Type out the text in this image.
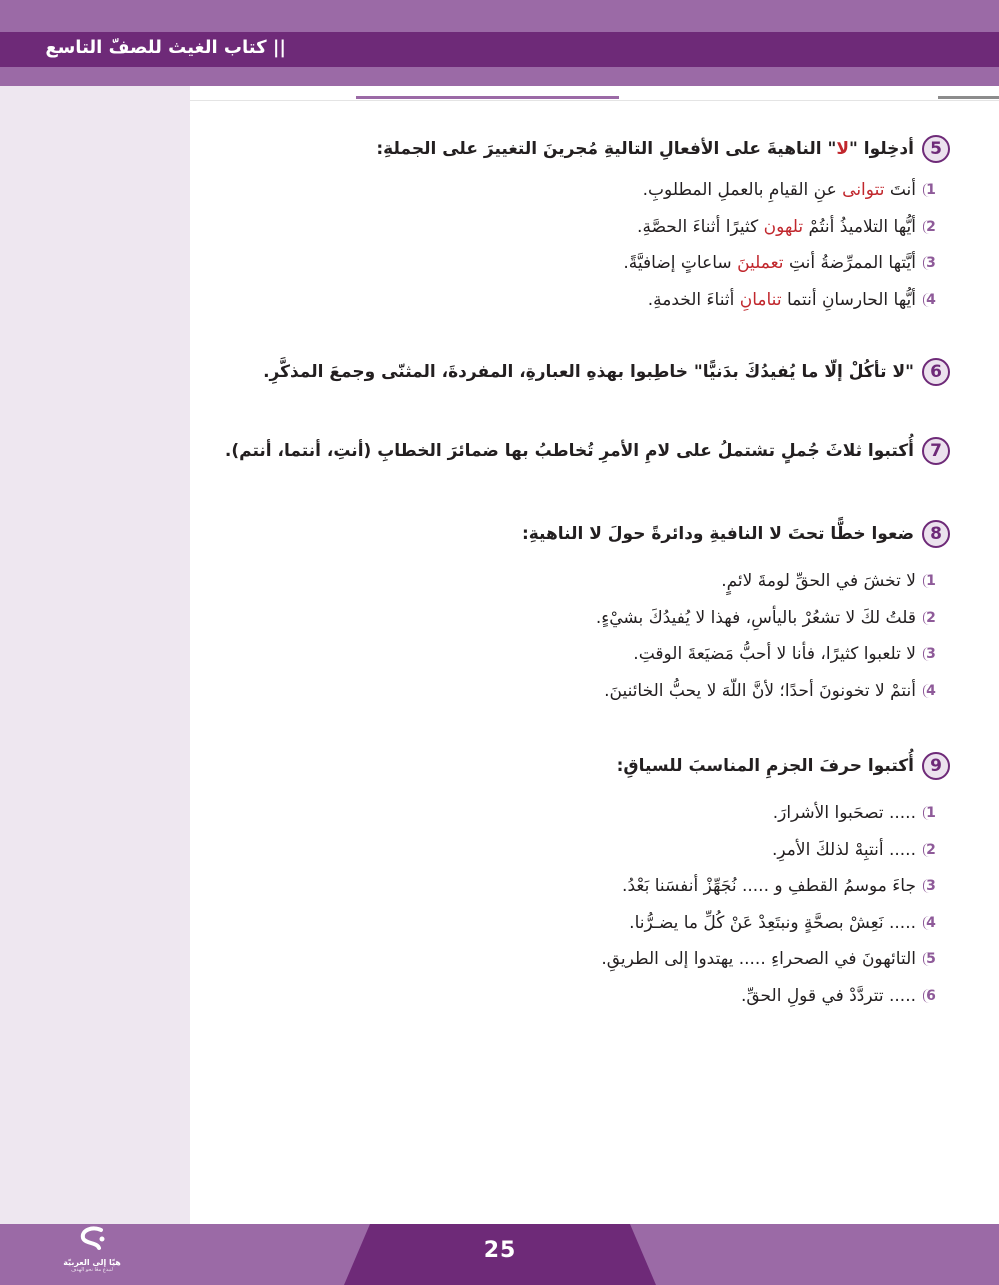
|| كتاب الغيث للصفّ التاسع
5
أدخِلوا "لا" الناهيةَ على الأفعالِ التاليةِ مُجرينَ التغييرَ على الجملةِ:
1
أنتَ تتوانى عنِ القيامِ بالعملِ المطلوبِ.
2
أيُّها التلاميذُ أنتُمْ تلهون كثيرًا أثناءَ الحصَّةِ.
3
أيَّتها الممرِّضةُ أنتِ تعملينَ ساعاتٍ إضافيَّةً.
4
أيُّها الحارسانِ أنتما تنامانِ أثناءَ الخدمةِ.
6
"لا تأكُلْ إلّا ما يُفيدُكَ بدَنيًّا" خاطِبوا بهذهِ العبارةِ، المفردةَ، المثنّى وجمعَ المذكَّرِ.
7
أُكتبوا ثلاثَ جُملٍ تشتملُ على لامِ الأمرِ تُخاطبُ بها ضمائرَ الخطابِ (أنتِ، أنتما، أنتم).
8
ضعوا خطًّا تحتَ لا النافيةِ ودائرةً حولَ لا الناهيةِ:
1
لا تخشَ في الحقِّ لومةَ لائمٍ.
2
قلتُ لكَ لا تشعُرْ باليأسِ، فهذا لا يُفيدُكَ بشيْءٍ.
3
لا تلعبوا كثيرًا، فأنا لا أحبُّ مَضيَعةَ الوقتِ.
4
أنتمْ لا تخونونَ أحدًا؛ لأنَّ اللّهَ لا يحبُّ الخائنينَ.
9
أُكتبوا حرفَ الجزمِ المناسبَ للسياقِ:
1
..... تصحَبوا الأشرارَ.
2
..... أنتبِهْ لذلكَ الأمرِ.
3
جاءَ موسمُ القطفِ و ..... نُجَهِّزْ أنفسَنا بَعْدُ.
4
..... نَعِشْ بصحَّةٍ ونبتَعِدْ عَنْ كُلِّ ما يضـرُّنا.
5
التائهونَ في الصحراءِ ..... يهتدوا إلى الطريقِ.
6
..... تتردَّدْ في قولِ الحقِّ.
25
هيّا إلى العربيّة
لنبدع معًا نحو الهدف
